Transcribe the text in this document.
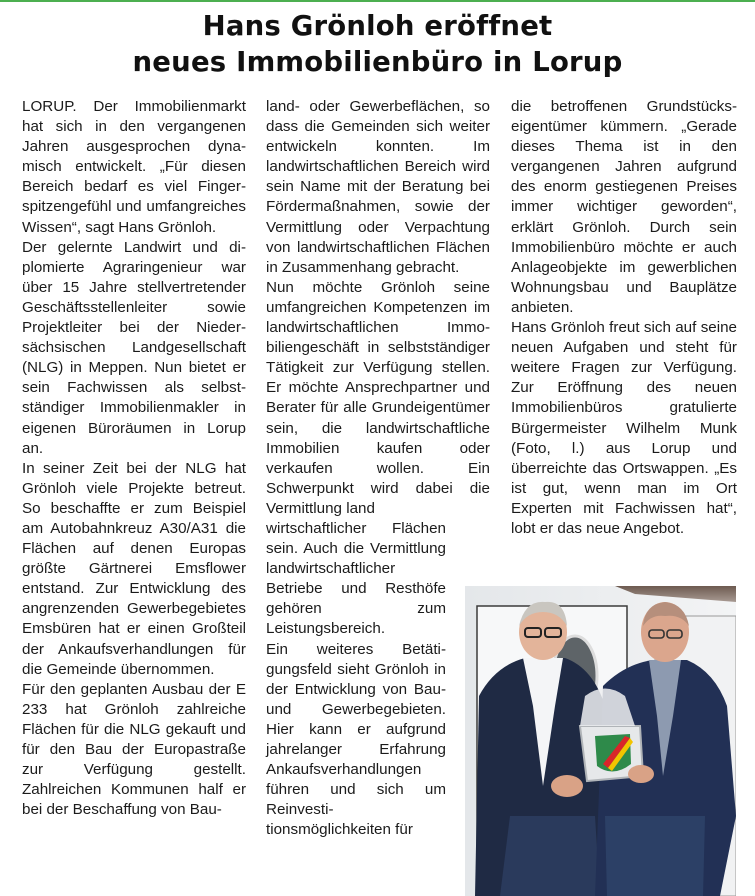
Hans Grönloh eröffnet
neues Immobilienbüro in Lorup

LORUP. Der Immobilienmarkt hat sich in den vergangenen Jahren ausgesprochen dynamisch entwickelt. „Für diesen Bereich bedarf es viel Fingerspitzengefühl und umfangreiches Wissen“, sagt Hans Grönloh.

Der gelernte Landwirt und diplomierte Agraringenieur war über 15 Jahre stellvertretender Geschäftsstellenleiter sowie Projektleiter bei der Niedersächsischen Landgesellschaft (NLG) in Meppen. Nun bietet er sein Fachwissen als selbstständiger Immobilienmakler in eigenen Büroräumen in Lorup an.

In seiner Zeit bei der NLG hat Grönloh viele Projekte betreut. So beschaffte er zum Beispiel am Autobahnkreuz A30/A31 die Flächen auf denen Europas größte Gärtnerei Emsflower entstand. Zur Entwicklung des angrenzenden Gewerbegebietes Emsbüren hat er einen Großteil der Ankaufsverhandlungen für die Gemeinde übernommen.

Für den geplanten Ausbau der E 233 hat Grönloh zahlreiche Flächen für die NLG gekauft und für den Bau der Europastraße zur Verfügung gestellt. Zahlreichen Kommunen half er bei der Beschaffung von Bau-

land- oder Gewerbeflächen, so dass die Gemeinden sich weiter entwickeln konnten. Im landwirtschaftlichen Bereich wird sein Name mit der Beratung bei Fördermaßnahmen, sowie der Vermittlung oder Verpachtung von landwirtschaftlichen Flächen in Zusammenhang gebracht.

Nun möchte Grönloh seine umfangreichen Kompetenzen im landwirtschaftlichen Immobiliengeschäft in selbstständiger Tätigkeit zur Verfügung stellen. Er möchte Ansprechpartner und Berater für alle Grundeigentümer sein, die landwirtschaftliche Immobilien kaufen oder verkaufen wollen. Ein Schwerpunkt wird dabei die Vermittlung land

wirtschaftlicher Flächen sein. Auch die Vermittlung landwirtschaftlicher Betriebe und Resthöfe gehören zum Leistungsbereich.

Ein weiteres Betätigungsfeld sieht Grönloh in der Entwicklung von Bau- und Gewerbegebieten. Hier kann er aufgrund jahrelanger Erfahrung Ankaufsverhandlungen führen und sich um Reinvestitionsmöglichkeiten für

die betroffenen Grundstückseigentümer kümmern. „Gerade dieses Thema ist in den vergangenen Jahren aufgrund des enorm gestiegenen Preises immer wichtiger geworden“, erklärt Grönloh. Durch sein Immobilienbüro möchte er auch Anlageobjekte im gewerblichen Wohnungsbau und Bauplätze anbieten.

Hans Grönloh freut sich auf seine neuen Aufgaben und steht für weitere Fragen zur Verfügung. Zur Eröffnung des neuen Immobilienbüros gratulierte Bürgermeister Wilhelm Munk (Foto, l.) aus Lorup und überreichte das Ortswappen. „Es ist gut, wenn man im Ort Experten mit Fachwissen hat“, lobt er das neue Angebot.
